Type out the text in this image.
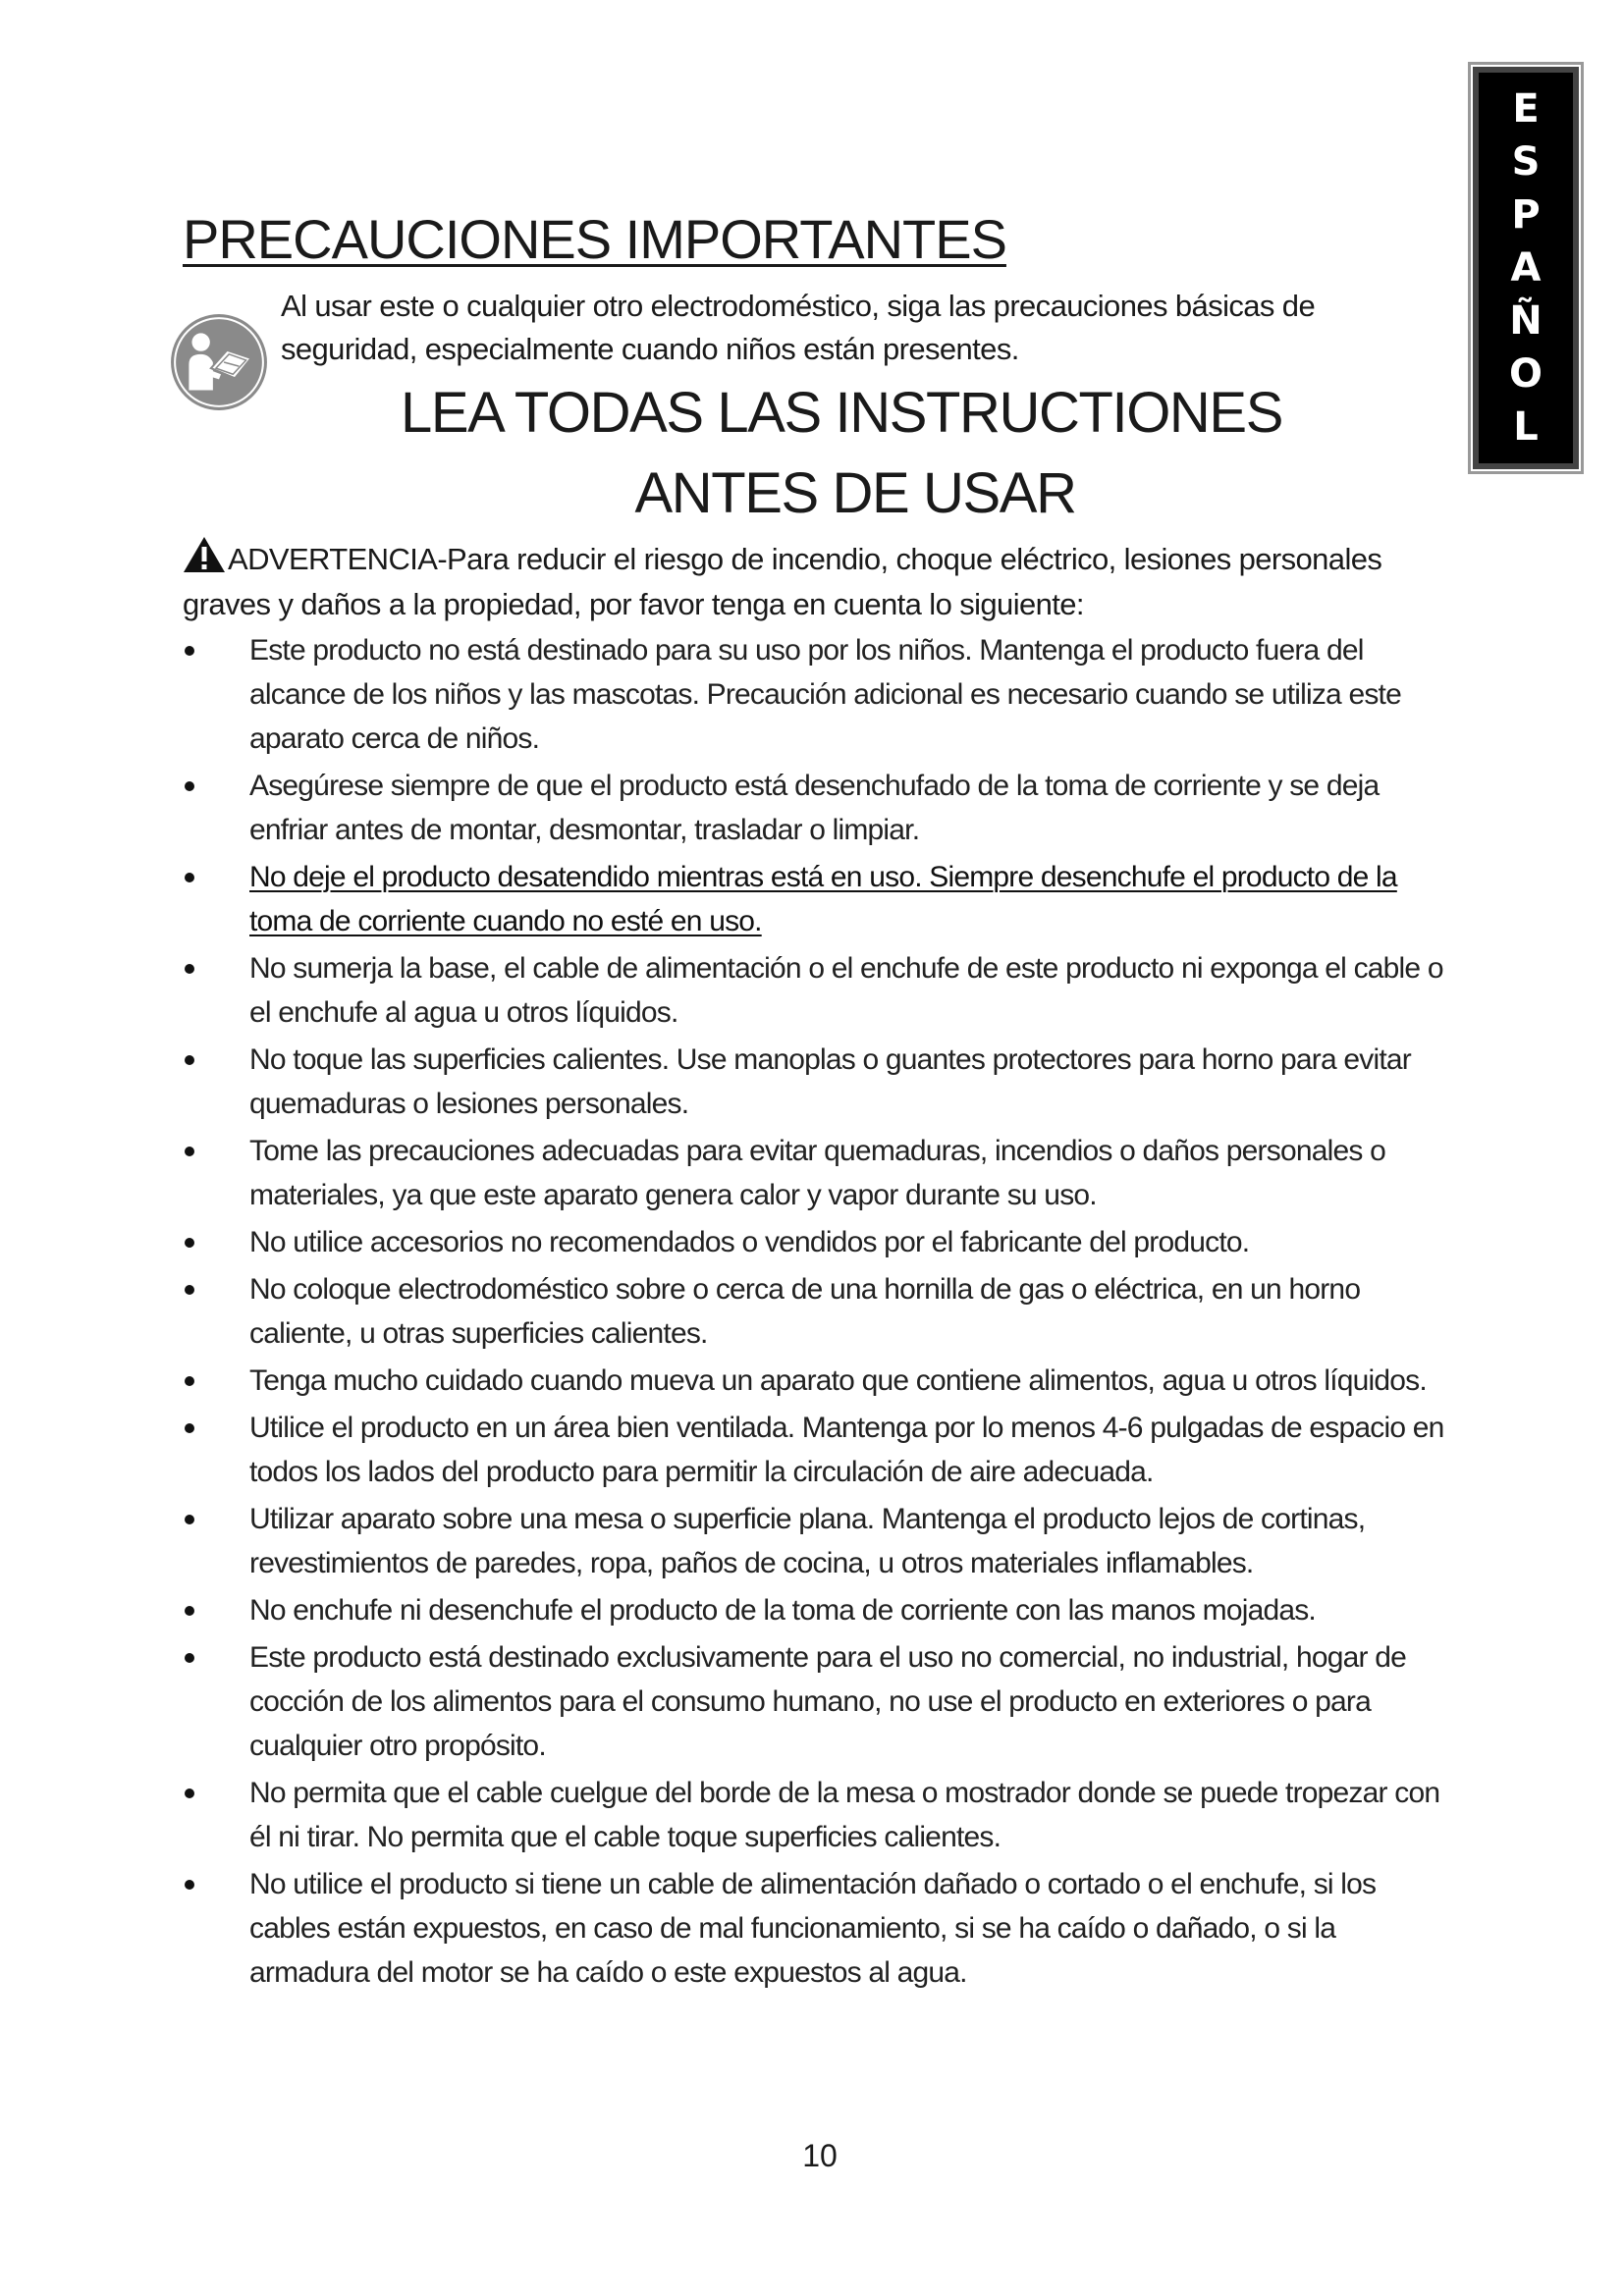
E
S
P
A
Ñ
O
L
PRECAUCIONES IMPORTANTES
Al usar este o cualquier otro electrodoméstico, siga las precauciones básicas de seguridad, especialmente cuando niños están presentes.
LEA TODAS LAS INSTRUCTIONES
ANTES DE USAR
ADVERTENCIA-Para reducir el riesgo de incendio, choque eléctrico, lesiones personales graves y daños a la propiedad, por favor tenga en cuenta lo siguiente:
Este producto no está destinado para su uso por los niños. Mantenga el producto fuera del alcance de los niños y las mascotas. Precaución adicional es necesario cuando se utiliza este aparato cerca de niños.
Asegúrese siempre de que el producto está desenchufado de la toma de corriente y se deja enfriar antes de montar, desmontar, trasladar o limpiar.
No deje el producto desatendido mientras está en uso. Siempre desenchufe el producto de la toma de corriente cuando no esté en uso.
No sumerja la base, el cable de alimentación o el enchufe de este producto ni exponga el cable o el enchufe al agua u otros líquidos.
No toque las superficies calientes. Use manoplas o guantes protectores para horno para evitar quemaduras o lesiones personales.
Tome las precauciones adecuadas para evitar quemaduras, incendios o daños personales o materiales, ya que este aparato genera calor y vapor durante su uso.
No utilice accesorios no recomendados o vendidos por el fabricante del producto.
No coloque electrodoméstico sobre o cerca de una hornilla de gas o eléctrica, en un horno caliente, u otras superficies calientes.
Tenga mucho cuidado cuando mueva un aparato que contiene alimentos, agua u otros líquidos.
Utilice el producto en un área bien ventilada. Mantenga por lo menos 4-6 pulgadas de espacio en todos los lados del producto para permitir la circulación de aire adecuada.
Utilizar aparato sobre una mesa o superficie plana. Mantenga el producto lejos de cortinas, revestimientos de paredes, ropa, paños de cocina, u otros materiales inflamables.
No enchufe ni desenchufe el producto de la toma de corriente con las manos mojadas.
Este producto está destinado exclusivamente para el uso no comercial, no industrial, hogar de cocción de los alimentos para el consumo humano, no use el producto en exteriores o para cualquier otro propósito.
No permita que el cable cuelgue del borde de la mesa o mostrador donde se puede tropezar con él ni tirar. No permita que el cable toque superficies calientes.
No utilice el producto si tiene un cable de alimentación dañado o cortado o el enchufe, si los cables están expuestos, en caso de mal funcionamiento, si se ha caído o dañado, o si la armadura del motor se ha caído o este expuestos al agua.
10
